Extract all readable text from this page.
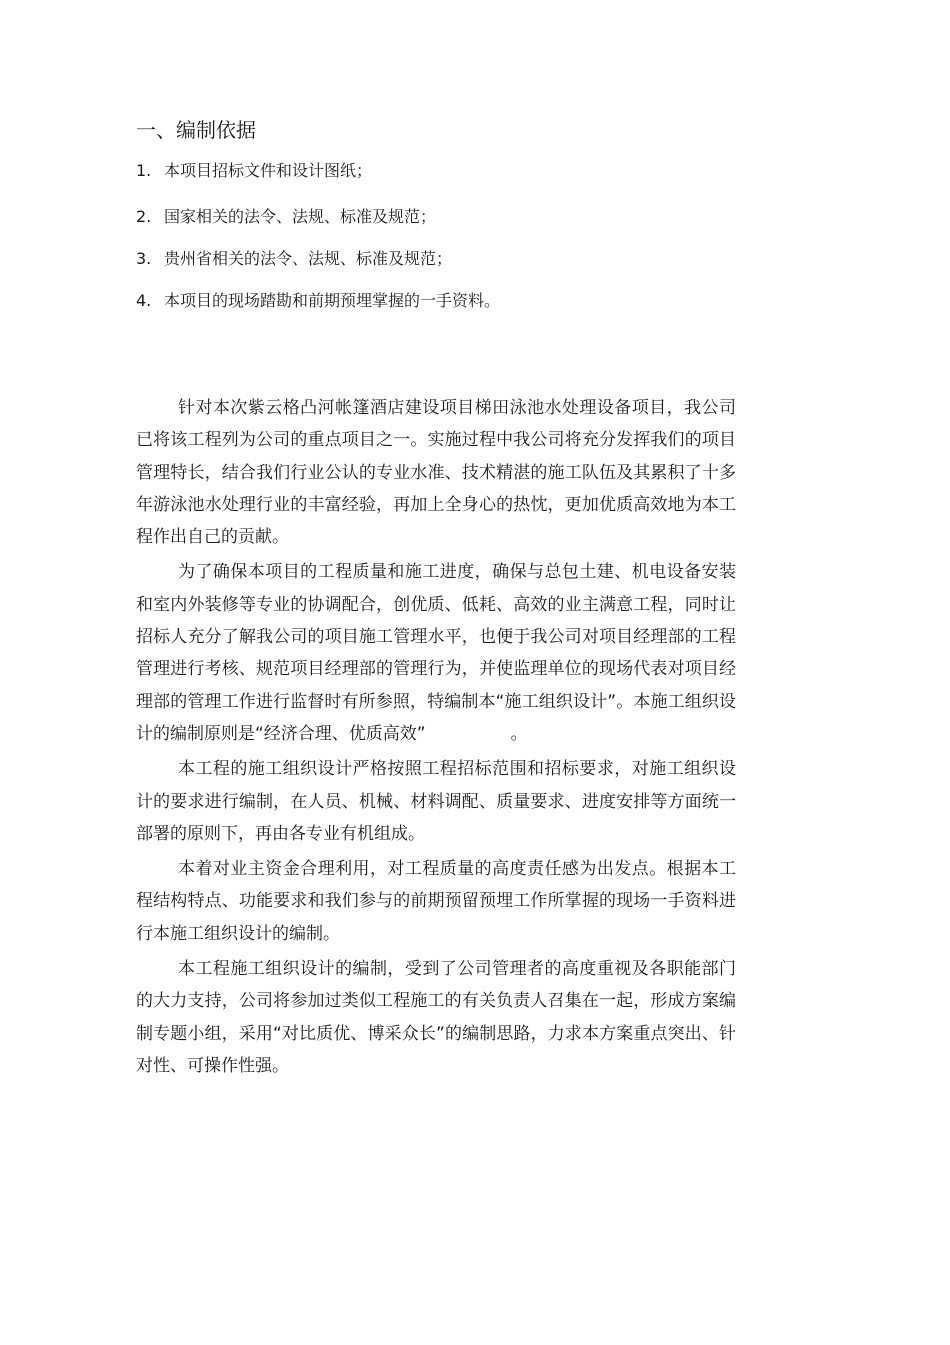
一、编制依据
1. 本项目招标文件和设计图纸；
2. 国家相关的法令、法规、标准及规范；
3. 贵州省相关的法令、法规、标准及规范；
4. 本项目的现场踏勘和前期预埋掌握的一手资料。

针对本次紫云格凸河帐篷酒店建设项目梯田泳池水处理设备项目，我公司已将该工程列为公司的重点项目之一。实施过程中我公司将充分发挥我们的项目管理特长，结合我们行业公认的专业水准、技术精湛的施工队伍及其累积了十多年游泳池水处理行业的丰富经验，再加上全身心的热忱，更加优质高效地为本工程作出自己的贡献。

为了确保本项目的工程质量和施工进度，确保与总包土建、机电设备安装和室内外装修等专业的协调配合，创优质、低耗、高效的业主满意工程，同时让招标人充分了解我公司的项目施工管理水平，也便于我公司对项目经理部的工程管理进行考核、规范项目经理部的管理行为，并使监理单位的现场代表对项目经理部的管理工作进行监督时有所参照，特编制本“施工组织设计”。本施工组织设计的编制原则是“经济合理、优质高效”　　　　　。

本工程的施工组织设计严格按照工程招标范围和招标要求，对施工组织设计的要求进行编制，在人员、机械、材料调配、质量要求、进度安排等方面统一部署的原则下，再由各专业有机组成。

本着对业主资金合理利用，对工程质量的高度责任感为出发点。根据本工程结构特点、功能要求和我们参与的前期预留预埋工作所掌握的现场一手资料进行本施工组织设计的编制。

本工程施工组织设计的编制，受到了公司管理者的高度重视及各职能部门的大力支持，公司将参加过类似工程施工的有关负责人召集在一起，形成方案编制专题小组，采用“对比质优、博采众长”的编制思路，力求本方案重点突出、针对性、可操作性强。
